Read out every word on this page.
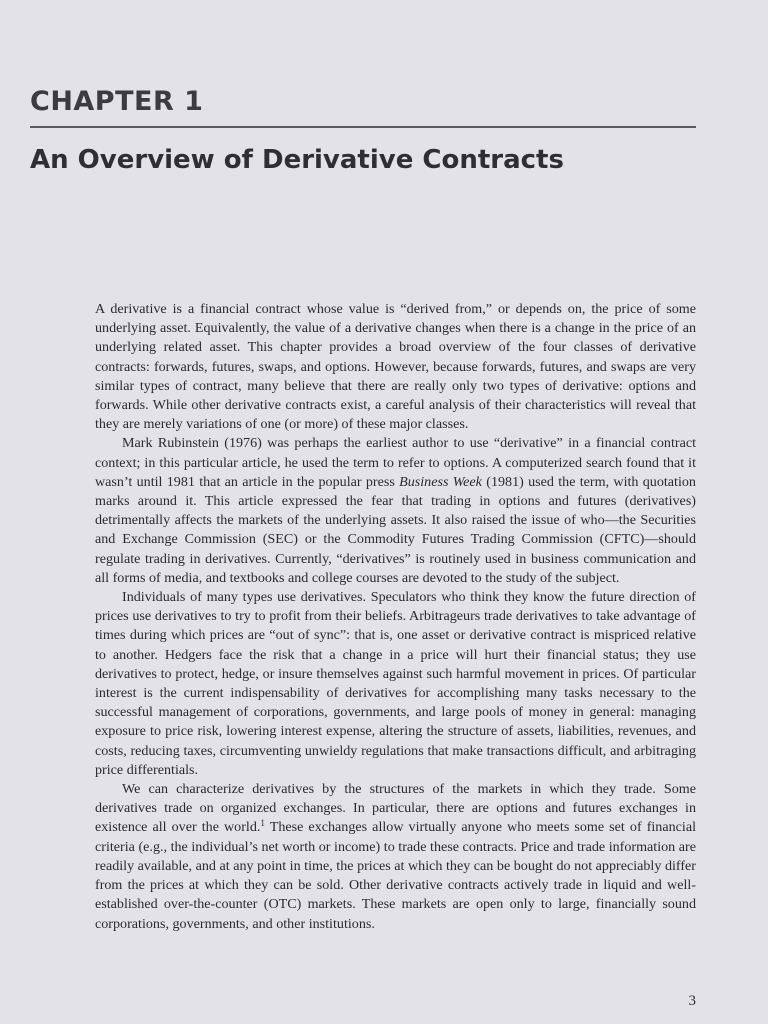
CHAPTER 1
An Overview of Derivative Contracts

A derivative is a financial contract whose value is “derived from,” or depends on, the price of some underlying asset. Equivalently, the value of a derivative changes when there is a change in the price of an underlying related asset. This chapter provides a broad overview of the four classes of derivative contracts: forwards, futures, swaps, and options. However, because forwards, futures, and swaps are very similar types of contract, many believe that there are really only two types of derivative: options and forwards. While other derivative contracts exist, a careful analysis of their characteristics will reveal that they are merely variations of one (or more) of these major classes.

Mark Rubinstein (1976) was perhaps the earliest author to use “derivative” in a financial contract context; in this particular article, he used the term to refer to options. A computerized search found that it wasn’t until 1981 that an article in the popular press Business Week (1981) used the term, with quotation marks around it. This article expressed the fear that trading in options and futures (derivatives) detrimentally affects the markets of the underlying assets. It also raised the issue of who—the Securities and Exchange Commission (SEC) or the Commodity Futures Trading Commission (CFTC)—should regulate trading in derivatives. Currently, “derivatives” is routinely used in business communication and all forms of media, and textbooks and college courses are devoted to the study of the subject.

Individuals of many types use derivatives. Speculators who think they know the future direction of prices use derivatives to try to profit from their beliefs. Arbitrageurs trade derivatives to take advantage of times during which prices are “out of sync”: that is, one asset or derivative contract is mispriced relative to another. Hedgers face the risk that a change in a price will hurt their financial status; they use derivatives to protect, hedge, or insure themselves against such harmful movement in prices. Of particular interest is the current indispensability of derivatives for accomplishing many tasks necessary to the successful management of corporations, governments, and large pools of money in general: managing exposure to price risk, lowering interest expense, altering the structure of assets, liabilities, revenues, and costs, reducing taxes, circumventing unwieldy regulations that make transactions difficult, and arbitraging price differentials.

We can characterize derivatives by the structures of the markets in which they trade. Some derivatives trade on organized exchanges. In particular, there are options and futures exchanges in existence all over the world.$^1$ These exchanges allow virtually anyone who meets some set of financial criteria (e.g., the individual’s net worth or income) to trade these contracts. Price and trade information are readily available, and at any point in time, the prices at which they can be bought do not appreciably differ from the prices at which they can be sold. Other derivative contracts actively trade in liquid and well-established over-the-counter (OTC) markets. These markets are open only to large, financially sound corporations, governments, and other institutions.

3
